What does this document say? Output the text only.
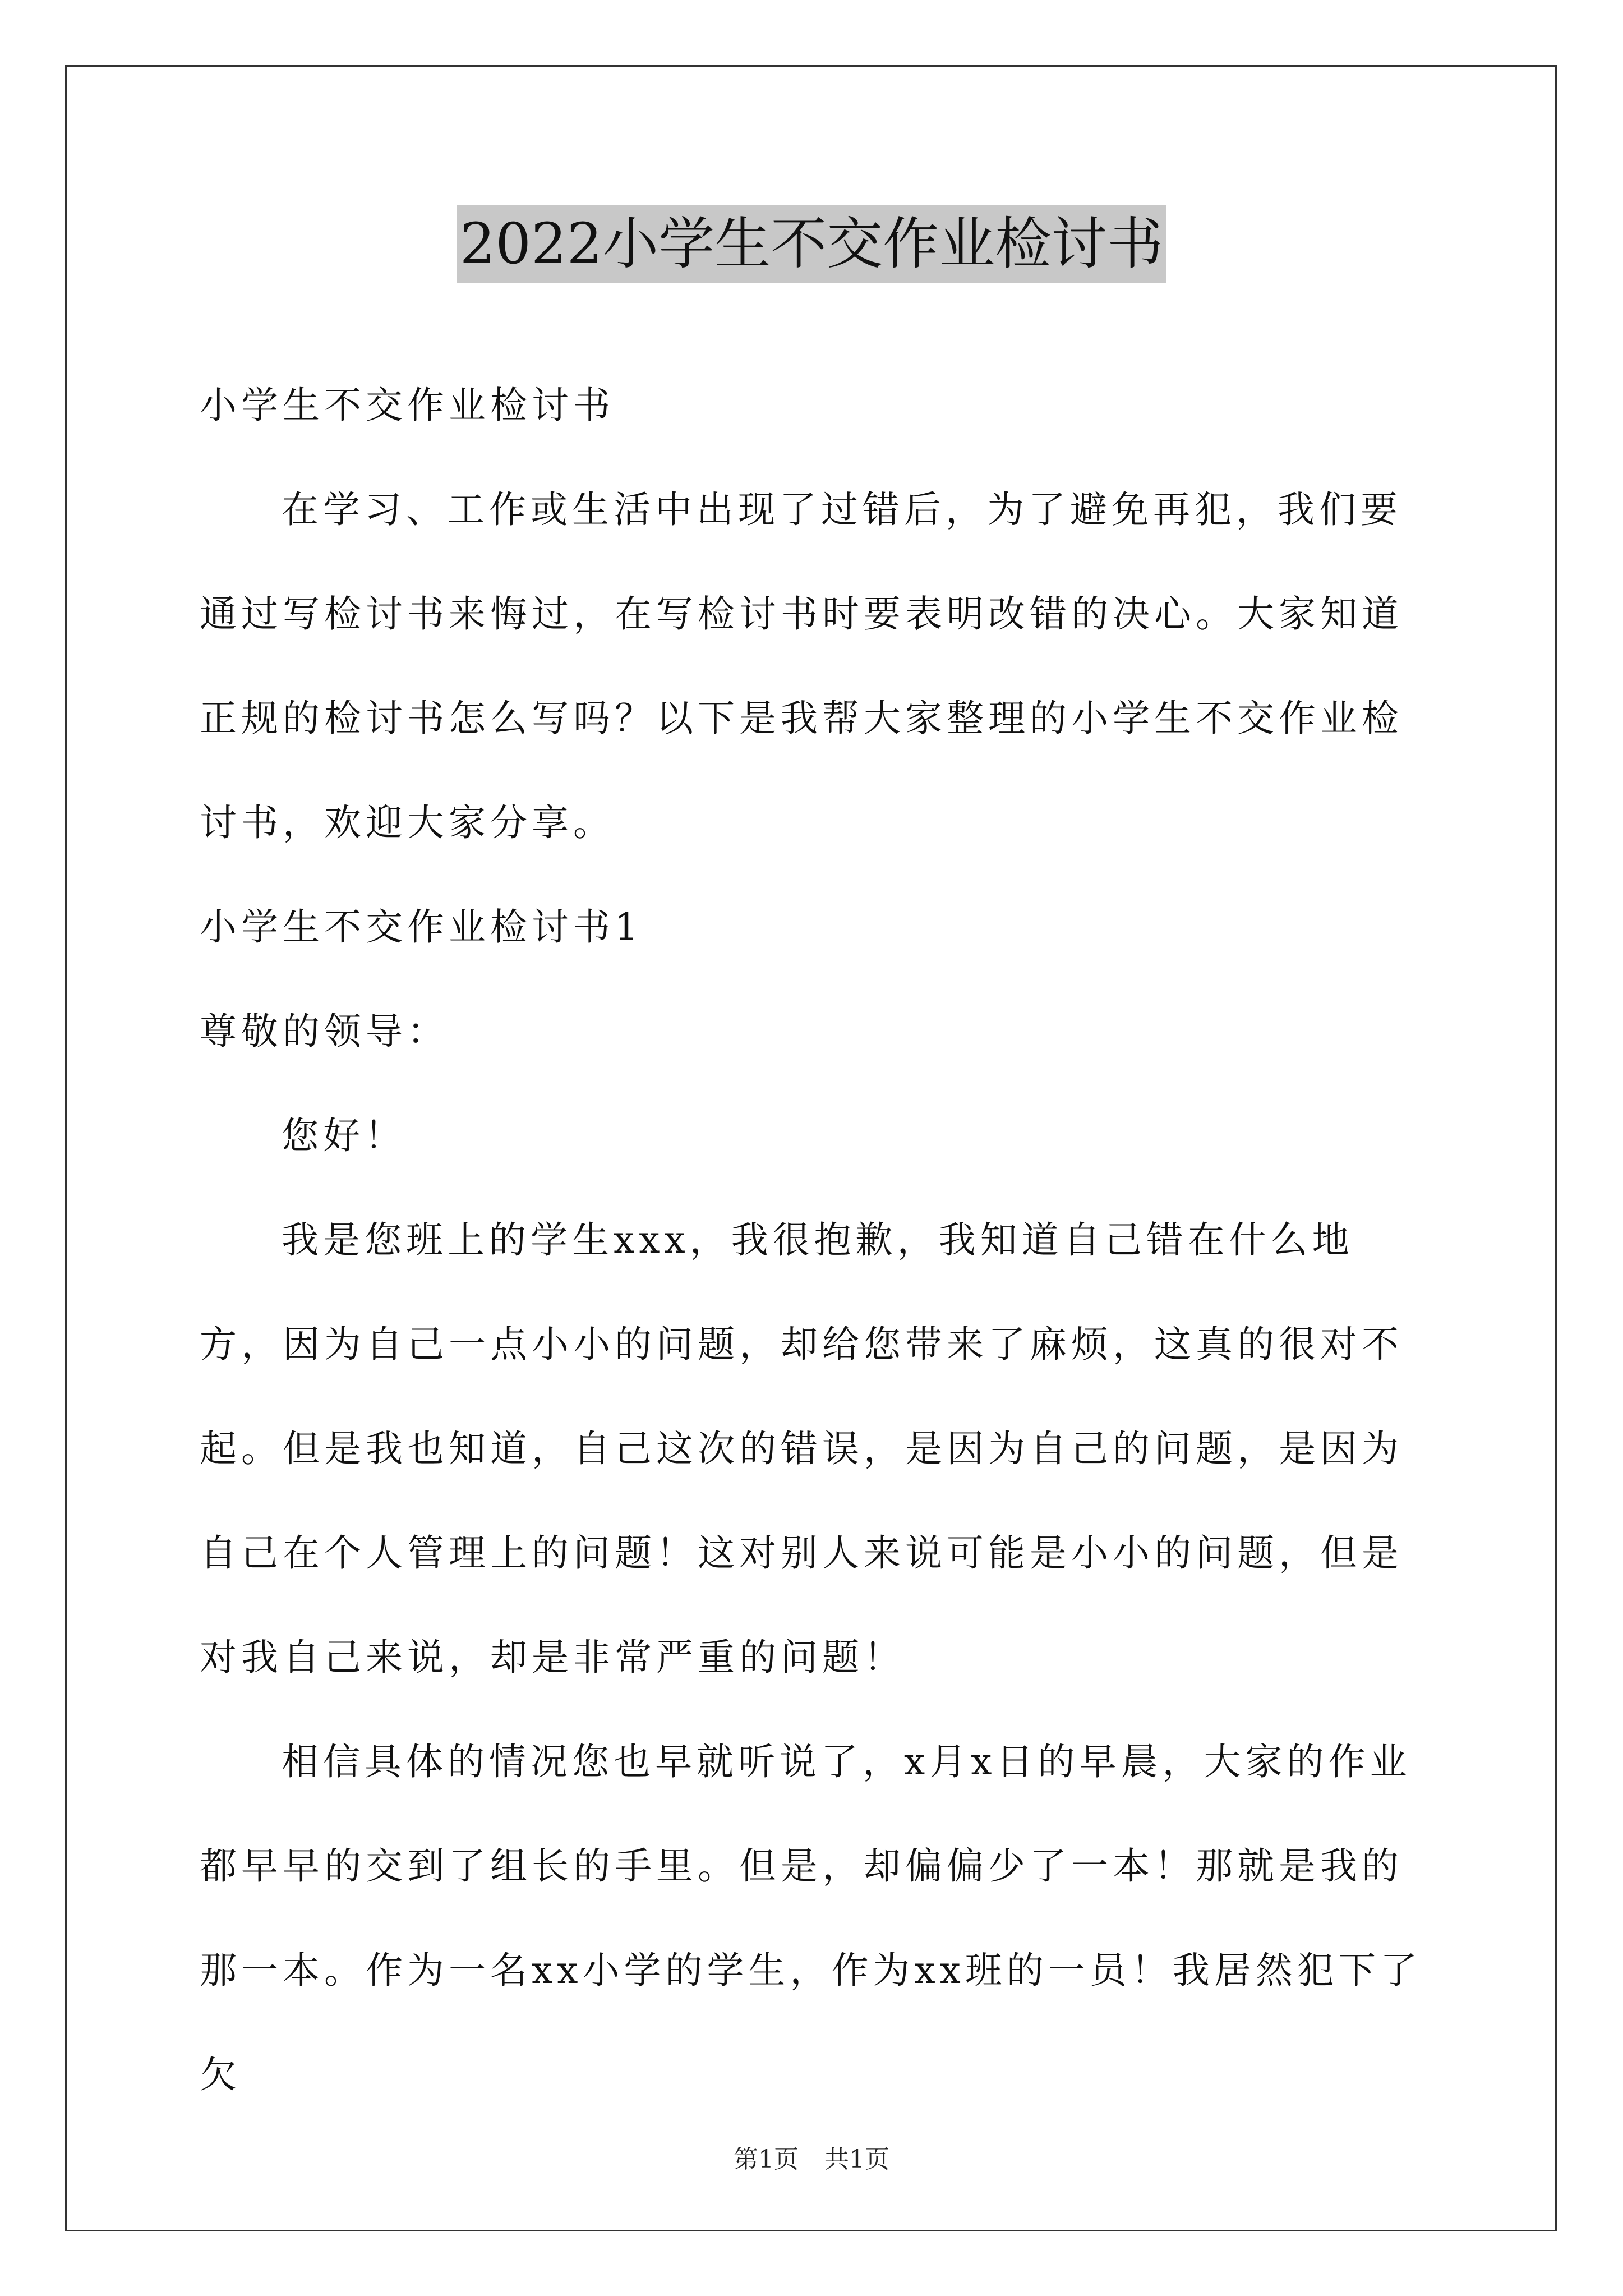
2022小学生不交作业检讨书

小学生不交作业检讨书

在学习、工作或生活中出现了过错后，为了避免再犯，我们要通过写检讨书来悔过，在写检讨书时要表明改错的决心。大家知道正规的检讨书怎么写吗？以下是我帮大家整理的小学生不交作业检讨书，欢迎大家分享。

小学生不交作业检讨书1

尊敬的领导：

您好！

我是您班上的学生xxx，我很抱歉，我知道自己错在什么地方，因为自己一点小小的问题，却给您带来了麻烦，这真的很对不起。但是我也知道，自己这次的错误，是因为自己的问题，是因为自己在个人管理上的问题！这对别人来说可能是小小的问题，但是对我自己来说，却是非常严重的问题！

相信具体的情况您也早就听说了，x月x日的早晨，大家的作业都早早的交到了组长的手里。但是，却偏偏少了一本！那就是我的那一本。作为一名xx小学的学生，作为xx班的一员！我居然犯下了欠

第1页 共1页
